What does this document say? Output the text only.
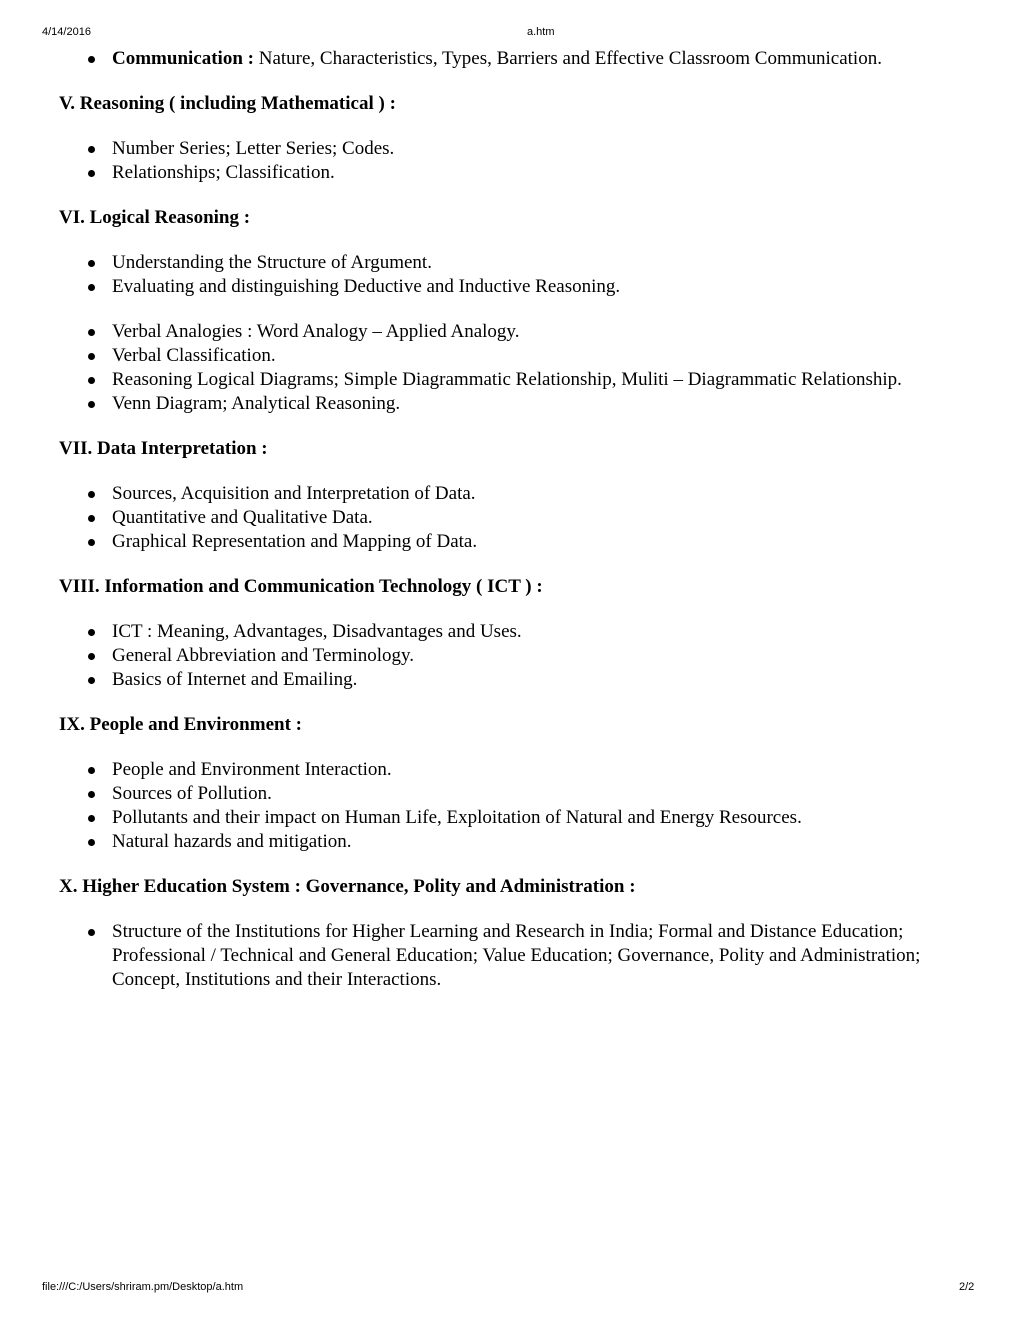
4/14/2016	a.htm
Communication : Nature, Characteristics, Types, Barriers and Effective Classroom Communication.
V. Reasoning ( including Mathematical ) :
Number Series; Letter Series; Codes.
Relationships; Classification.
VI. Logical Reasoning :
Understanding the Structure of Argument.
Evaluating and distinguishing Deductive and Inductive Reasoning.
Verbal Analogies : Word Analogy – Applied Analogy.
Verbal Classification.
Reasoning Logical Diagrams; Simple Diagrammatic Relationship, Muliti – Diagrammatic Relationship.
Venn Diagram; Analytical Reasoning.
VII. Data Interpretation :
Sources, Acquisition and Interpretation of Data.
Quantitative and Qualitative Data.
Graphical Representation and Mapping of Data.
VIII. Information and Communication Technology ( ICT ) :
ICT : Meaning, Advantages, Disadvantages and Uses.
General Abbreviation and Terminology.
Basics of Internet and Emailing.
IX. People and Environment :
People and Environment Interaction.
Sources of Pollution.
Pollutants and their impact on Human Life, Exploitation of Natural and Energy Resources.
Natural hazards and mitigation.
X. Higher Education System : Governance, Polity and Administration :
Structure of the Institutions for Higher Learning and Research in India; Formal and Distance Education; Professional / Technical and General Education; Value Education; Governance, Polity and Administration; Concept, Institutions and their Interactions.
file:///C:/Users/shriram.pm/Desktop/a.htm	2/2
